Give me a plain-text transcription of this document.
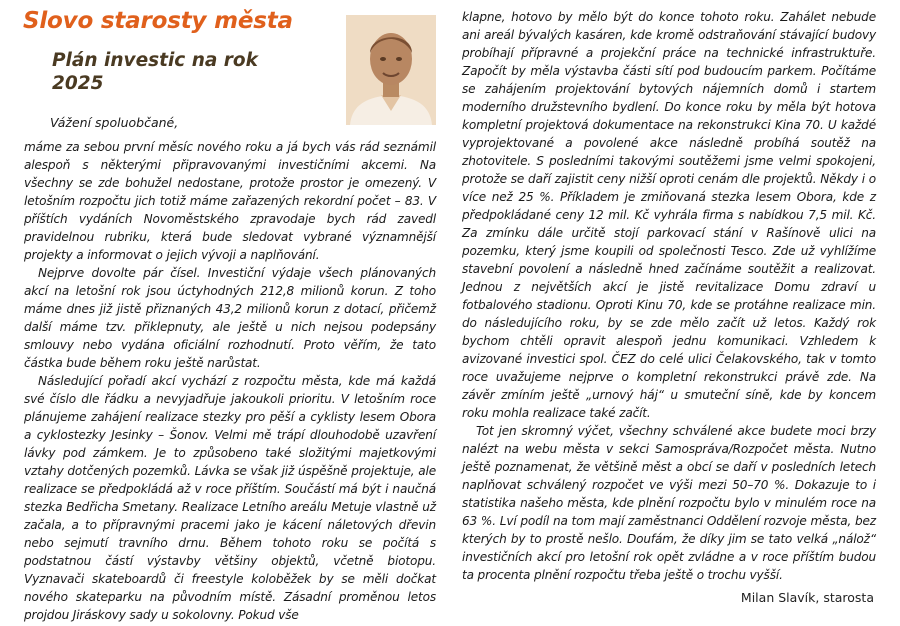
Slovo starosty města
Plán investic na rok 2025

Vážení spoluobčané,

máme za sebou první měsíc nového roku a já bych vás rád seznámil alespoň s některými připravovanými investičními akcemi. Na všechny se zde bohužel nedostane, protože prostor je omezený. V letošním rozpočtu jich totiž máme zařazených rekordní počet – 83. V příštích vydáních Novoměstského zpravodaje bych rád zavedl pravidelnou rubriku, která bude sledovat vybrané významnější projekty a informovat o jejich vývoji a naplňování.

Nejprve dovolte pár čísel. Investiční výdaje všech plánovaných akcí na letošní rok jsou úctyhodných 212,8 milionů korun. Z toho máme dnes již jistě přiznaných 43,2 milionů korun z dotací, přičemž další máme tzv. přiklepnuty, ale ještě u nich nejsou podepsány smlouvy nebo vydána oficiální rozhodnutí. Proto věřím, že tato částka bude během roku ještě narůstat.

Následující pořadí akcí vychází z rozpočtu města, kde má každá své číslo dle řádku a nevyjadřuje jakoukoli prioritu. V letošním roce plánujeme zahájení realizace stezky pro pěší a cyklisty lesem Obora a cyklostezky Jesinky – Šonov. Velmi mě trápí dlouhodobě uzavření lávky pod zámkem. Je to způsobeno také složitými majetkovými vztahy dotčených pozemků. Lávka se však již úspěšně projektuje, ale realizace se předpokládá až v roce příštím. Součástí má být i naučná stezka Bedřicha Smetany. Realizace Letního areálu Metuje vlastně už začala, a to přípravnými pracemi jako je kácení náletových dřevin nebo sejmutí travního drnu. Během tohoto roku se počítá s podstatnou částí výstavby většiny objektů, včetně biotopu. Vyznavači skateboardů či freestyle koloběžek by se měli dočkat nového skateparku na původním místě. Zásadní proměnou letos projdou Jiráskovy sady u sokolovny. Pokud vše

klapne, hotovo by mělo být do konce tohoto roku. Zahálet nebude ani areál bývalých kasáren, kde kromě odstraňování stávající budovy probíhají přípravné a projekční práce na technické infrastruktuře. Započít by měla výstavba části sítí pod budoucím parkem. Počítáme se zahájením projektování bytových nájemních domů i startem moderního družstevního bydlení. Do konce roku by měla být hotova kompletní projektová dokumentace na rekonstrukci Kina 70. U každé vyprojektované a povolené akce následně probíhá soutěž na zhotovitele. S posledními takovými soutěžemi jsme velmi spokojeni, protože se daří zajistit ceny nižší oproti cenám dle projektů. Někdy i o více než 25 %. Příkladem je zmiňovaná stezka lesem Obora, kde z předpokládané ceny 12 mil. Kč vyhrála firma s nabídkou 7,5 mil. Kč. Za zmínku dále určitě stojí parkovací stání v Rašínově ulici na pozemku, který jsme koupili od společnosti Tesco. Zde už vyhlížíme stavební povolení a následně hned začínáme soutěžit a realizovat. Jednou z největších akcí je jistě revitalizace Domu zdraví u fotbalového stadionu. Oproti Kinu 70, kde se protáhne realizace min. do následujícího roku, by se zde mělo začít už letos. Každý rok bychom chtěli opravit alespoň jednu komunikaci. Vzhledem k avizované investici spol. ČEZ do celé ulici Čelakovského, tak v tomto roce uvažujeme nejprve o kompletní rekonstrukci právě zde. Na závěr zmíním ještě „urnový háj“ u smuteční síně, kde by koncem roku mohla realizace také začít.

Tot jen skromný výčet, všechny schválené akce budete moci brzy nalézt na webu města v sekci Samospráva/Rozpočet města. Nutno ještě poznamenat, že většině měst a obcí se daří v posledních letech naplňovat schválený rozpočet ve výši mezi 50–70 %. Dokazuje to i statistika našeho města, kde plnění rozpočtu bylo v minulém roce na 63 %. Lví podíl na tom mají zaměstnanci Oddělení rozvoje města, bez kterých by to prostě nešlo. Doufám, že díky jim se tato velká „nálož“ investičních akcí pro letošní rok opět zvládne a v roce příštím budou ta procenta plnění rozpočtu třeba ještě o trochu vyšší.

Milan Slavík, starosta
